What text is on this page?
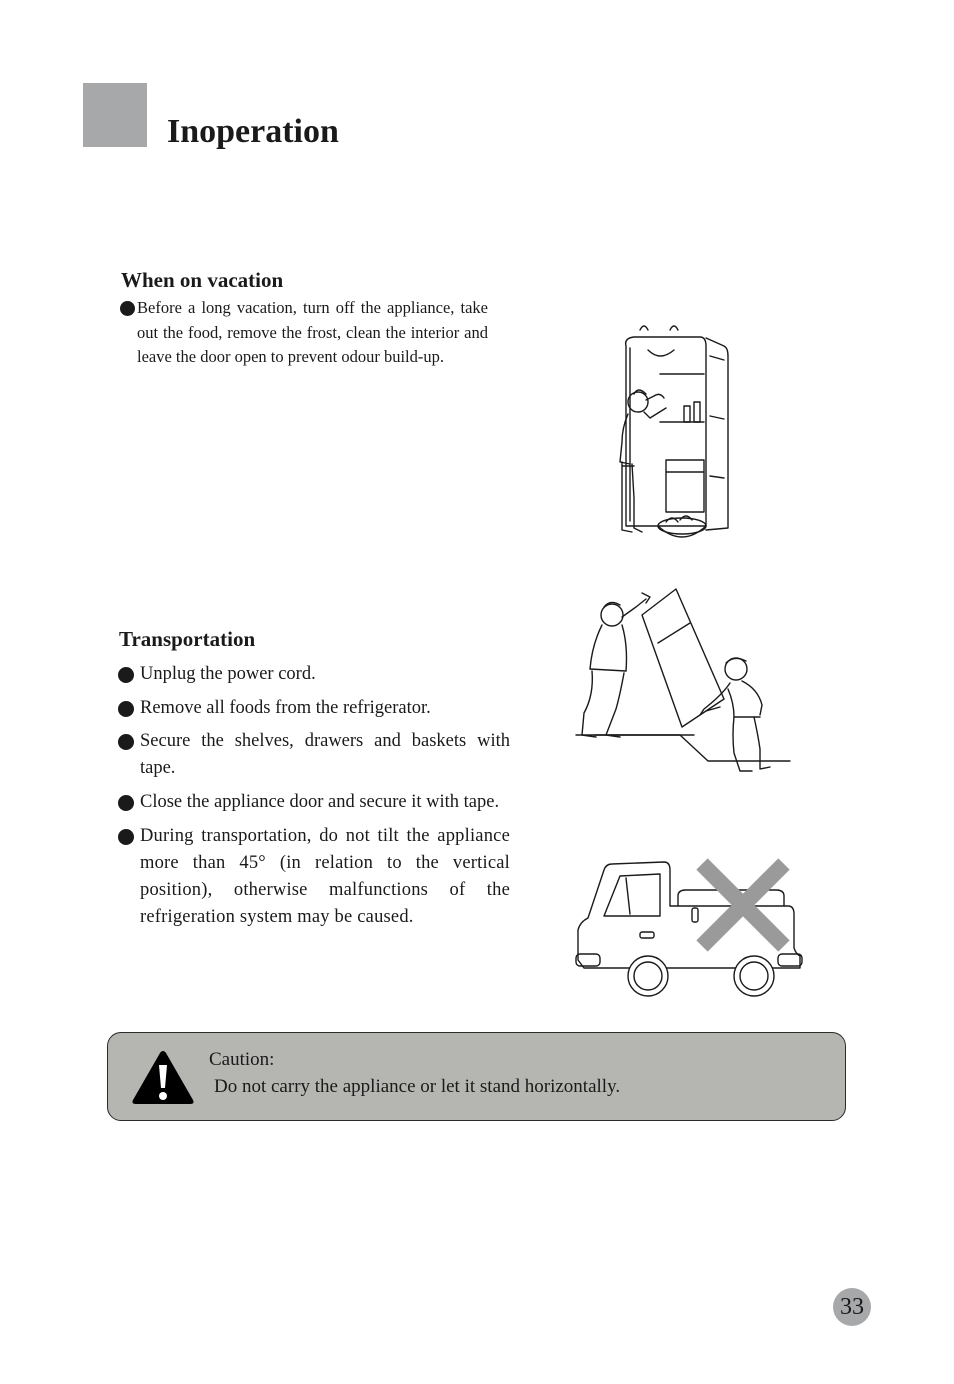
Inoperation
When on vacation
Before a long vacation, turn off the appliance, take out the food, remove the frost, clean the interior and leave the door open to prevent odour build-up.
Transportation
Unplug the power cord.
Remove all foods from the refrigerator.
Secure the shelves, drawers and baskets with tape.
Close the appliance door and secure it with tape.
During transportation, do not tilt the appliance more than 45° (in relation to the vertical position), otherwise malfunctions of the refrigeration system may be caused.
Caution:
Do not carry the appliance or let it stand horizontally.
33
